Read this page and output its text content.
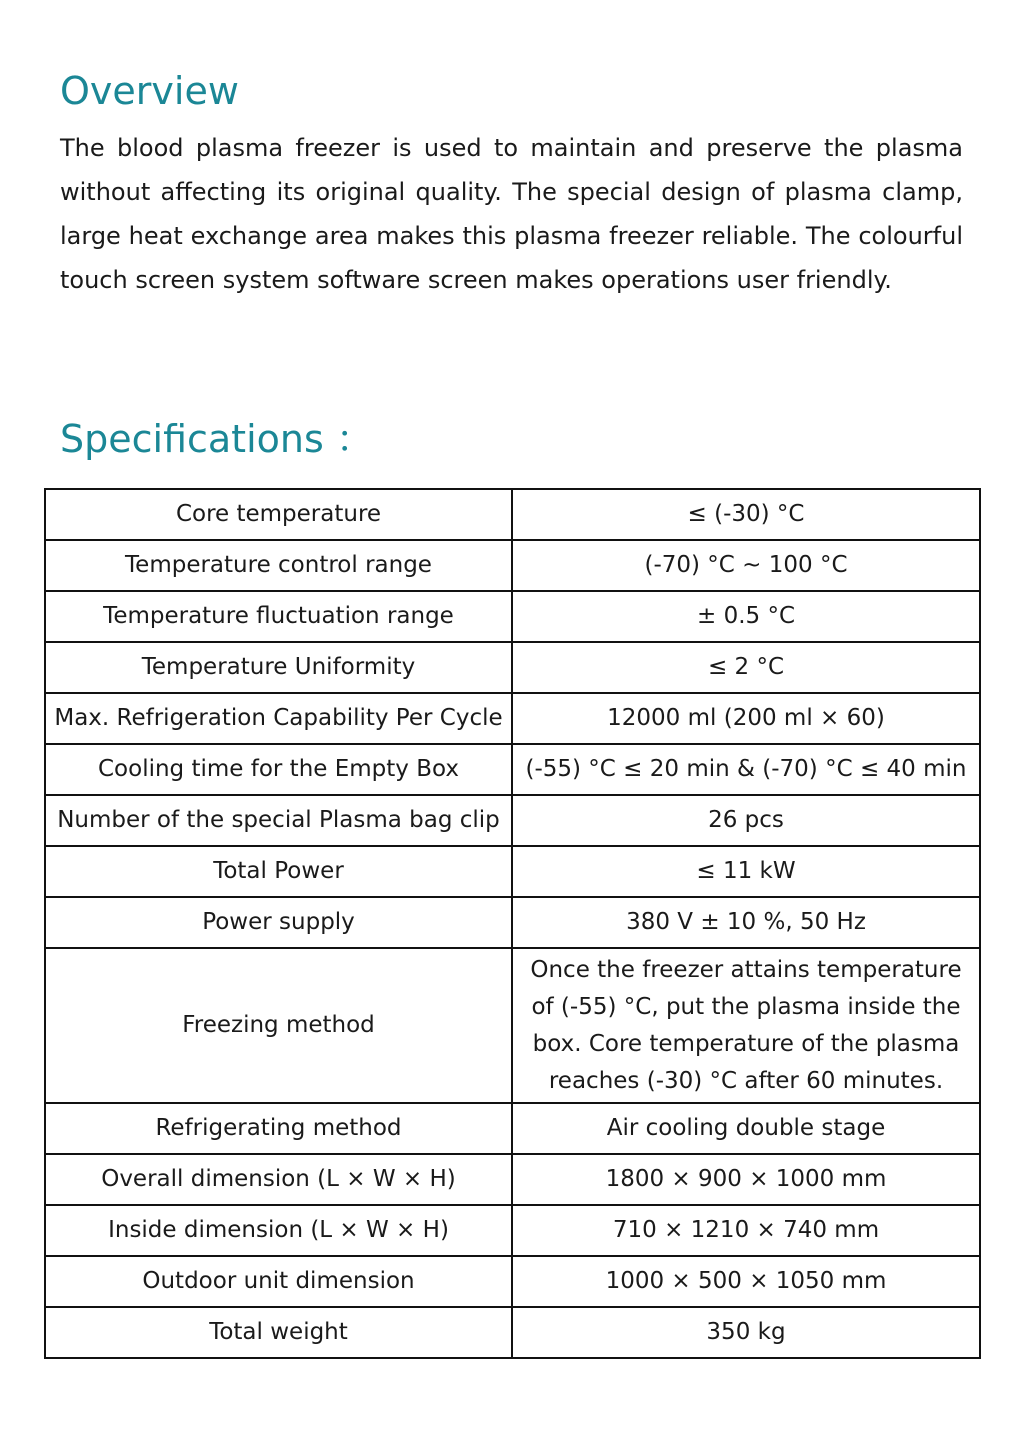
Overview

The blood plasma freezer is used to maintain and preserve the plasma without affecting its original quality. The special design of plasma clamp, large heat exchange area makes this plasma freezer reliable. The colourful touch screen system software screen makes operations user friendly.

Specifications ：
Core temperature	≤ (-30) °C
Temperature control range	(-70) °C ~ 100 °C
Temperature fluctuation range	± 0.5 °C
Temperature Uniformity	≤ 2 °C
Max. Refrigeration Capability Per Cycle	12000 ml (200 ml × 60)
Cooling time for the Empty Box	(-55) °C ≤ 20 min & (-70) °C ≤ 40 min
Number of the special Plasma bag clip	26 pcs
Total Power	≤ 11 kW
Power supply	380 V ± 10 %, 50 Hz
Freezing method	Once the freezer attains temperature of (-55) °C, put the plasma inside the box. Core temperature of the plasma reaches (-30) °C after 60 minutes.
Refrigerating method	Air cooling double stage
Overall dimension (L × W × H)	1800 × 900 × 1000 mm
Inside dimension (L × W × H)	710 × 1210 × 740 mm
Outdoor unit dimension	1000 × 500 × 1050 mm
Total weight	350 kg
